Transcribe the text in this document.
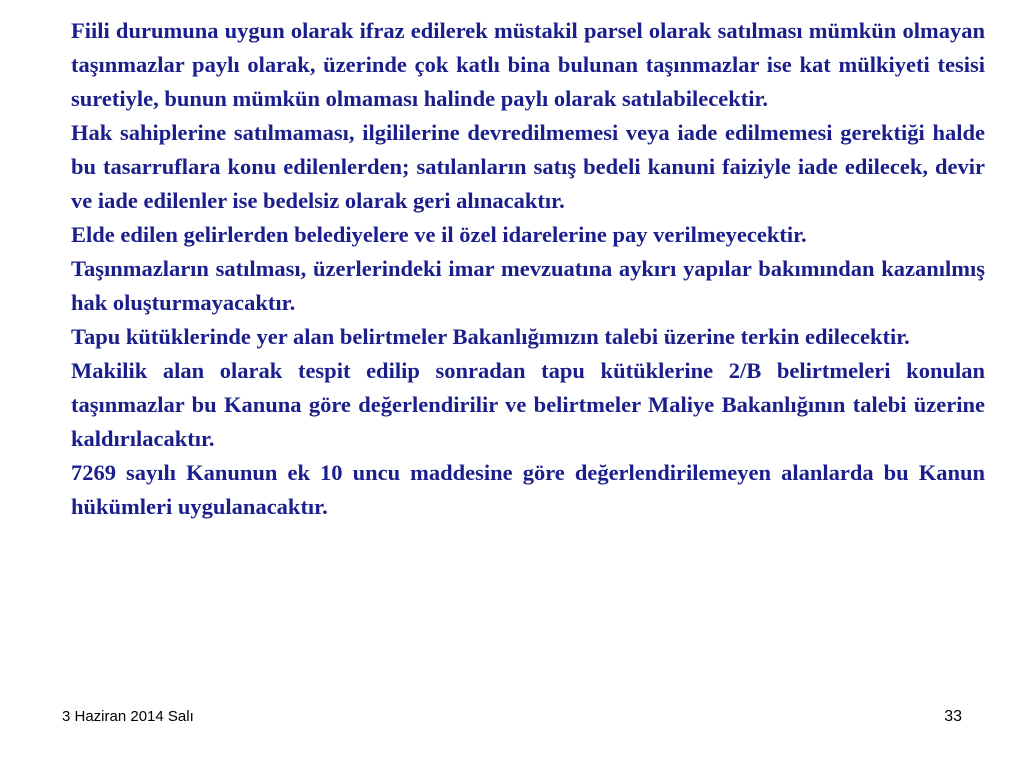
Fiili durumuna uygun olarak ifraz edilerek müstakil parsel olarak satılması mümkün olmayan taşınmazlar paylı olarak, üzerinde çok katlı bina bulunan taşınmazlar ise kat mülkiyeti tesisi suretiyle, bunun mümkün olmaması halinde paylı olarak satılabilecektir.

Hak sahiplerine satılmaması, ilgililerine devredilmemesi veya iade edilmemesi gerektiği halde bu tasarruflara konu edilenlerden; satılanların satış bedeli kanuni faiziyle iade edilecek, devir ve iade edilenler ise bedelsiz olarak geri alınacaktır.

Elde edilen gelirlerden belediyelere ve il özel idarelerine pay verilmeyecektir.

Taşınmazların satılması, üzerlerindeki imar mevzuatına aykırı yapılar bakımından kazanılmış hak oluşturmayacaktır.

Tapu kütüklerinde yer alan belirtmeler Bakanlığımızın talebi üzerine terkin edilecektir.

Makilik alan olarak tespit edilip sonradan tapu kütüklerine 2/B belirtmeleri konulan taşınmazlar bu Kanuna göre değerlendirilir ve belirtmeler Maliye Bakanlığının talebi üzerine kaldırılacaktır.

7269 sayılı Kanunun ek 10 uncu maddesine göre değerlendirilemeyen alanlarda bu Kanun hükümleri uygulanacaktır.

3 Haziran 2014 Salı	33
